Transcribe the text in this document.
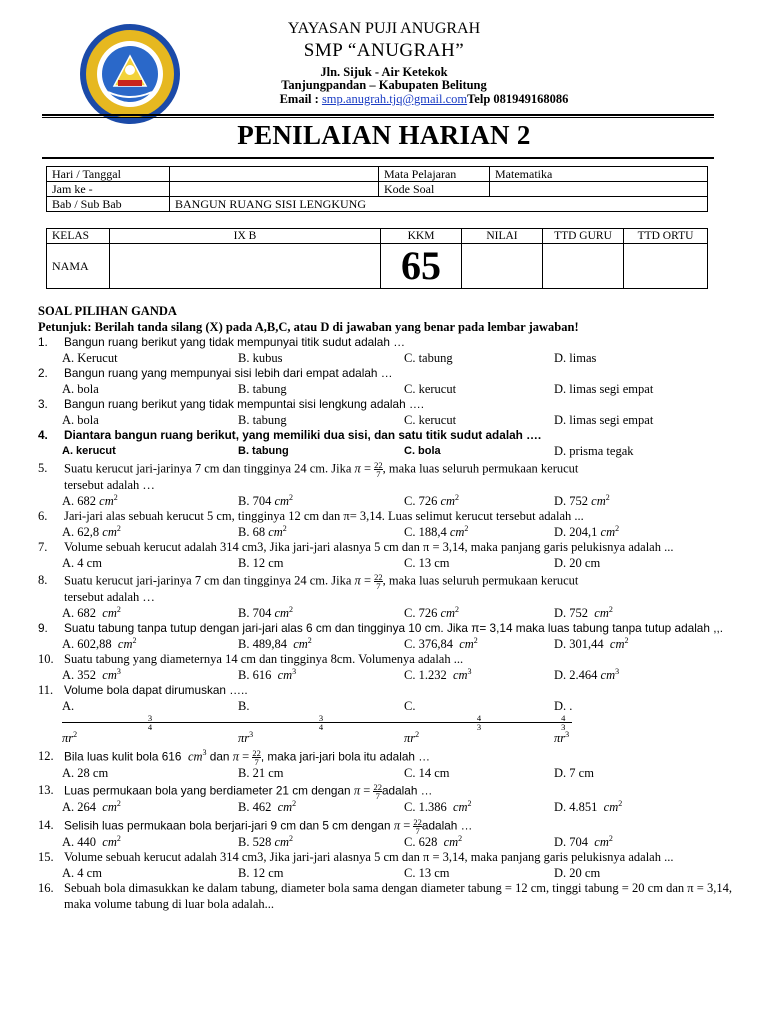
YAYASAN PUJI ANUGRAH
SMP “ANUGRAH”
Jln. Sijuk - Air Ketekok
Tanjungpandan – Kabupaten Belitung
Email : smp.anugrah.tjq@gmail.comTelp 081949168086
PENILAIAN HARIAN 2
Hari / Tanggal		Mata Pelajaran	Matematika
Jam ke -		Kode Soal	
Bab / Sub Bab	BANGUN RUANG SISI LENGKUNG		
KELAS	IX B	KKM	NILAI	TTD GURU	TTD ORTU
NAMA		65			
SOAL PILIHAN GANDA
Petunjuk: Berilah tanda silang (X) pada A,B,C, atau D di jawaban yang benar pada lembar jawaban!
1. Bangun ruang berikut yang tidak mempunyai titik sudut adalah …
A. Kerucut	B. kubus	C. tabung	D. limas
2. Bangun ruang yang mempunyai sisi lebih dari empat adalah …
A. bola	B. tabung	C. kerucut	D. limas segi empat
3. Bangun ruang berikut yang tidak mempuntai sisi lengkung adalah ….
A. bola	B. tabung	C. kerucut	D. limas segi empat
4. Diantara bangun ruang berikut, yang memiliki dua sisi, dan satu titik sudut adalah ….
A. kerucut	B. tabung	C. bola	D. prisma tegak
5. Suatu kerucut jari-jarinya 7 cm dan tingginya 24 cm. Jika $\pi = \frac{22}{7}$ , maka luas seluruh permukaan kerucut
tersebut adalah …
A. 682 $cm^2$	B. 704 $cm^2$	C. 726 $cm^2$	D. 752 $cm^2$
6. Jari-jari alas sebuah kerucut 5 cm, tingginya 12 cm dan π= 3,14. Luas selimut kerucut tersebut adalah ...
A. 62,8 $cm^2$	B. 68 $cm^2$	C. 188,4 $cm^2$	D. 204,1 $cm^2$
7. Volume sebuah kerucut adalah 314 cm3, Jika jari-jari alasnya 5 cm dan π = 3,14, maka panjang garis pelukisnya adalah ...
A. 4 cm	B. 12 cm	C. 13 cm	D. 20 cm
8. Suatu kerucut jari-jarinya 7 cm dan tingginya 24 cm. Jika $\pi = \frac{22}{7}$ , maka luas seluruh permukaan kerucut
tersebut adalah …
A. 682  $cm^2$	B. 704 $cm^2$	C. 726 $cm^2$	D. 752  $cm^2$
9. Suatu tabung tanpa tutup dengan jari-jari alas 6 cm dan tingginya 10 cm. Jika π= 3,14 maka luas tabung tanpa tutup adalah ,,.
A. 602,88  $cm^2$	B. 489,84  $cm^2$	C. 376,84  $cm^2$	D. 301,44  $cm^2$
10. Suatu tabung yang diameternya 14 cm dan tingginya 8cm. Volumenya adalah ...
A. 352  $cm^3$	B. 616  $cm^3$	C. 1.232  $cm^3$	D. 2.464 $cm^3$
11. Volume bola dapat dirumuskan …..
A.
3
4
$\pi r^2$
B.
3
4
$\pi r^3$
C.
4
3
$\pi r^2$
D. .
4
3
$\pi r^3$
12. Bila luas kulit bola 616  $cm^3$ dan $\pi = \frac{22}{7}$ , maka jari-jari bola itu adalah …
A. 28 cm	B. 21 cm	C. 14 cm	D. 7 cm
13. Luas permukaan bola yang berdiameter 21 cm dengan $\pi = \frac{22}{7}$ adalah …
A. 264  $cm^2$	B. 462  $cm^2$	C. 1.386  $cm^2$	D. 4.851  $cm^2$
14. Selisih luas permukaan bola berjari-jari 9 cm dan 5 cm dengan $\pi = \frac{22}{7}$ adalah …
A. 440  $cm^2$	B. 528 $cm^2$	C. 628  $cm^2$	D. 704  $cm^2$
15. Volume sebuah kerucut adalah 314 cm3, Jika jari-jari alasnya 5 cm dan π = 3,14, maka panjang garis pelukisnya adalah ...
A. 4 cm	B. 12 cm	C. 13 cm	D. 20 cm
16. Sebuah bola dimasukkan ke dalam tabung, diameter bola sama dengan diameter tabung = 12 cm, tinggi tabung = 20 cm dan π = 3,14, maka volume tabung di luar bola adalah...
